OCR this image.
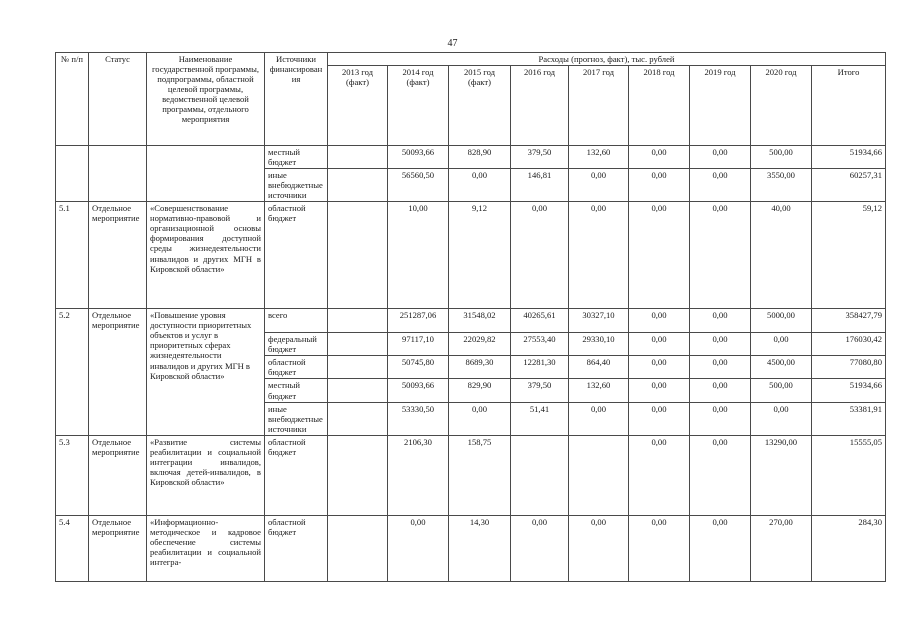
47
№ п/п	Статус	Наименование государственной программы, подпрограммы, областной целевой программы, ведомственной целевой программы, отдельного мероприятия	Источники финансирования	Расходы (прогноз, факт), тыс. рублей								
				2013 год (факт)	2014 год (факт)	2015 год (факт)	2016 год	2017 год	2018 год	2019 год	2020 год	Итого
			местный бюджет		50093,66	828,90	379,50	132,60	0,00	0,00	500,00	51934,66
			иные внебюджетные источники		56560,50	0,00	146,81	0,00	0,00	0,00	3550,00	60257,31
5.1	Отдельное мероприятие	«Совершенствование нормативно-правовой и организационной основы формирования доступной среды жизнедеятельности инвалидов и других МГН в Кировской области»	областной бюджет		10,00	9,12	0,00	0,00	0,00	0,00	40,00	59,12
5.2	Отдельное мероприятие	«Повышение уровня доступности приоритетных объектов и услуг в приоритетных сферах жизнедеятельности инвалидов и других МГН в Кировской области»	всего		251287,06	31548,02	40265,61	30327,10	0,00	0,00	5000,00	358427,79
			федеральный бюджет		97117,10	22029,82	27553,40	29330,10	0,00	0,00	0,00	176030,42
			областной бюджет		50745,80	8689,30	12281,30	864,40	0,00	0,00	4500,00	77080,80
			местный бюджет		50093,66	829,90	379,50	132,60	0,00	0,00	500,00	51934,66
			иные внебюджетные источники		53330,50	0,00	51,41	0,00	0,00	0,00	0,00	53381,91
5.3	Отдельное мероприятие	«Развитие системы реабилитации и социальной интеграции инвалидов, включая детей-инвалидов, в Кировской области»	областной бюджет		2106,30	158,75			0,00	0,00	13290,00	15555,05
5.4	Отдельное мероприятие	«Информационно-методическое и кадровое обеспечение системы реабилитации и социальной интегра-	областной бюджет		0,00	14,30	0,00	0,00	0,00	0,00	270,00	284,30
